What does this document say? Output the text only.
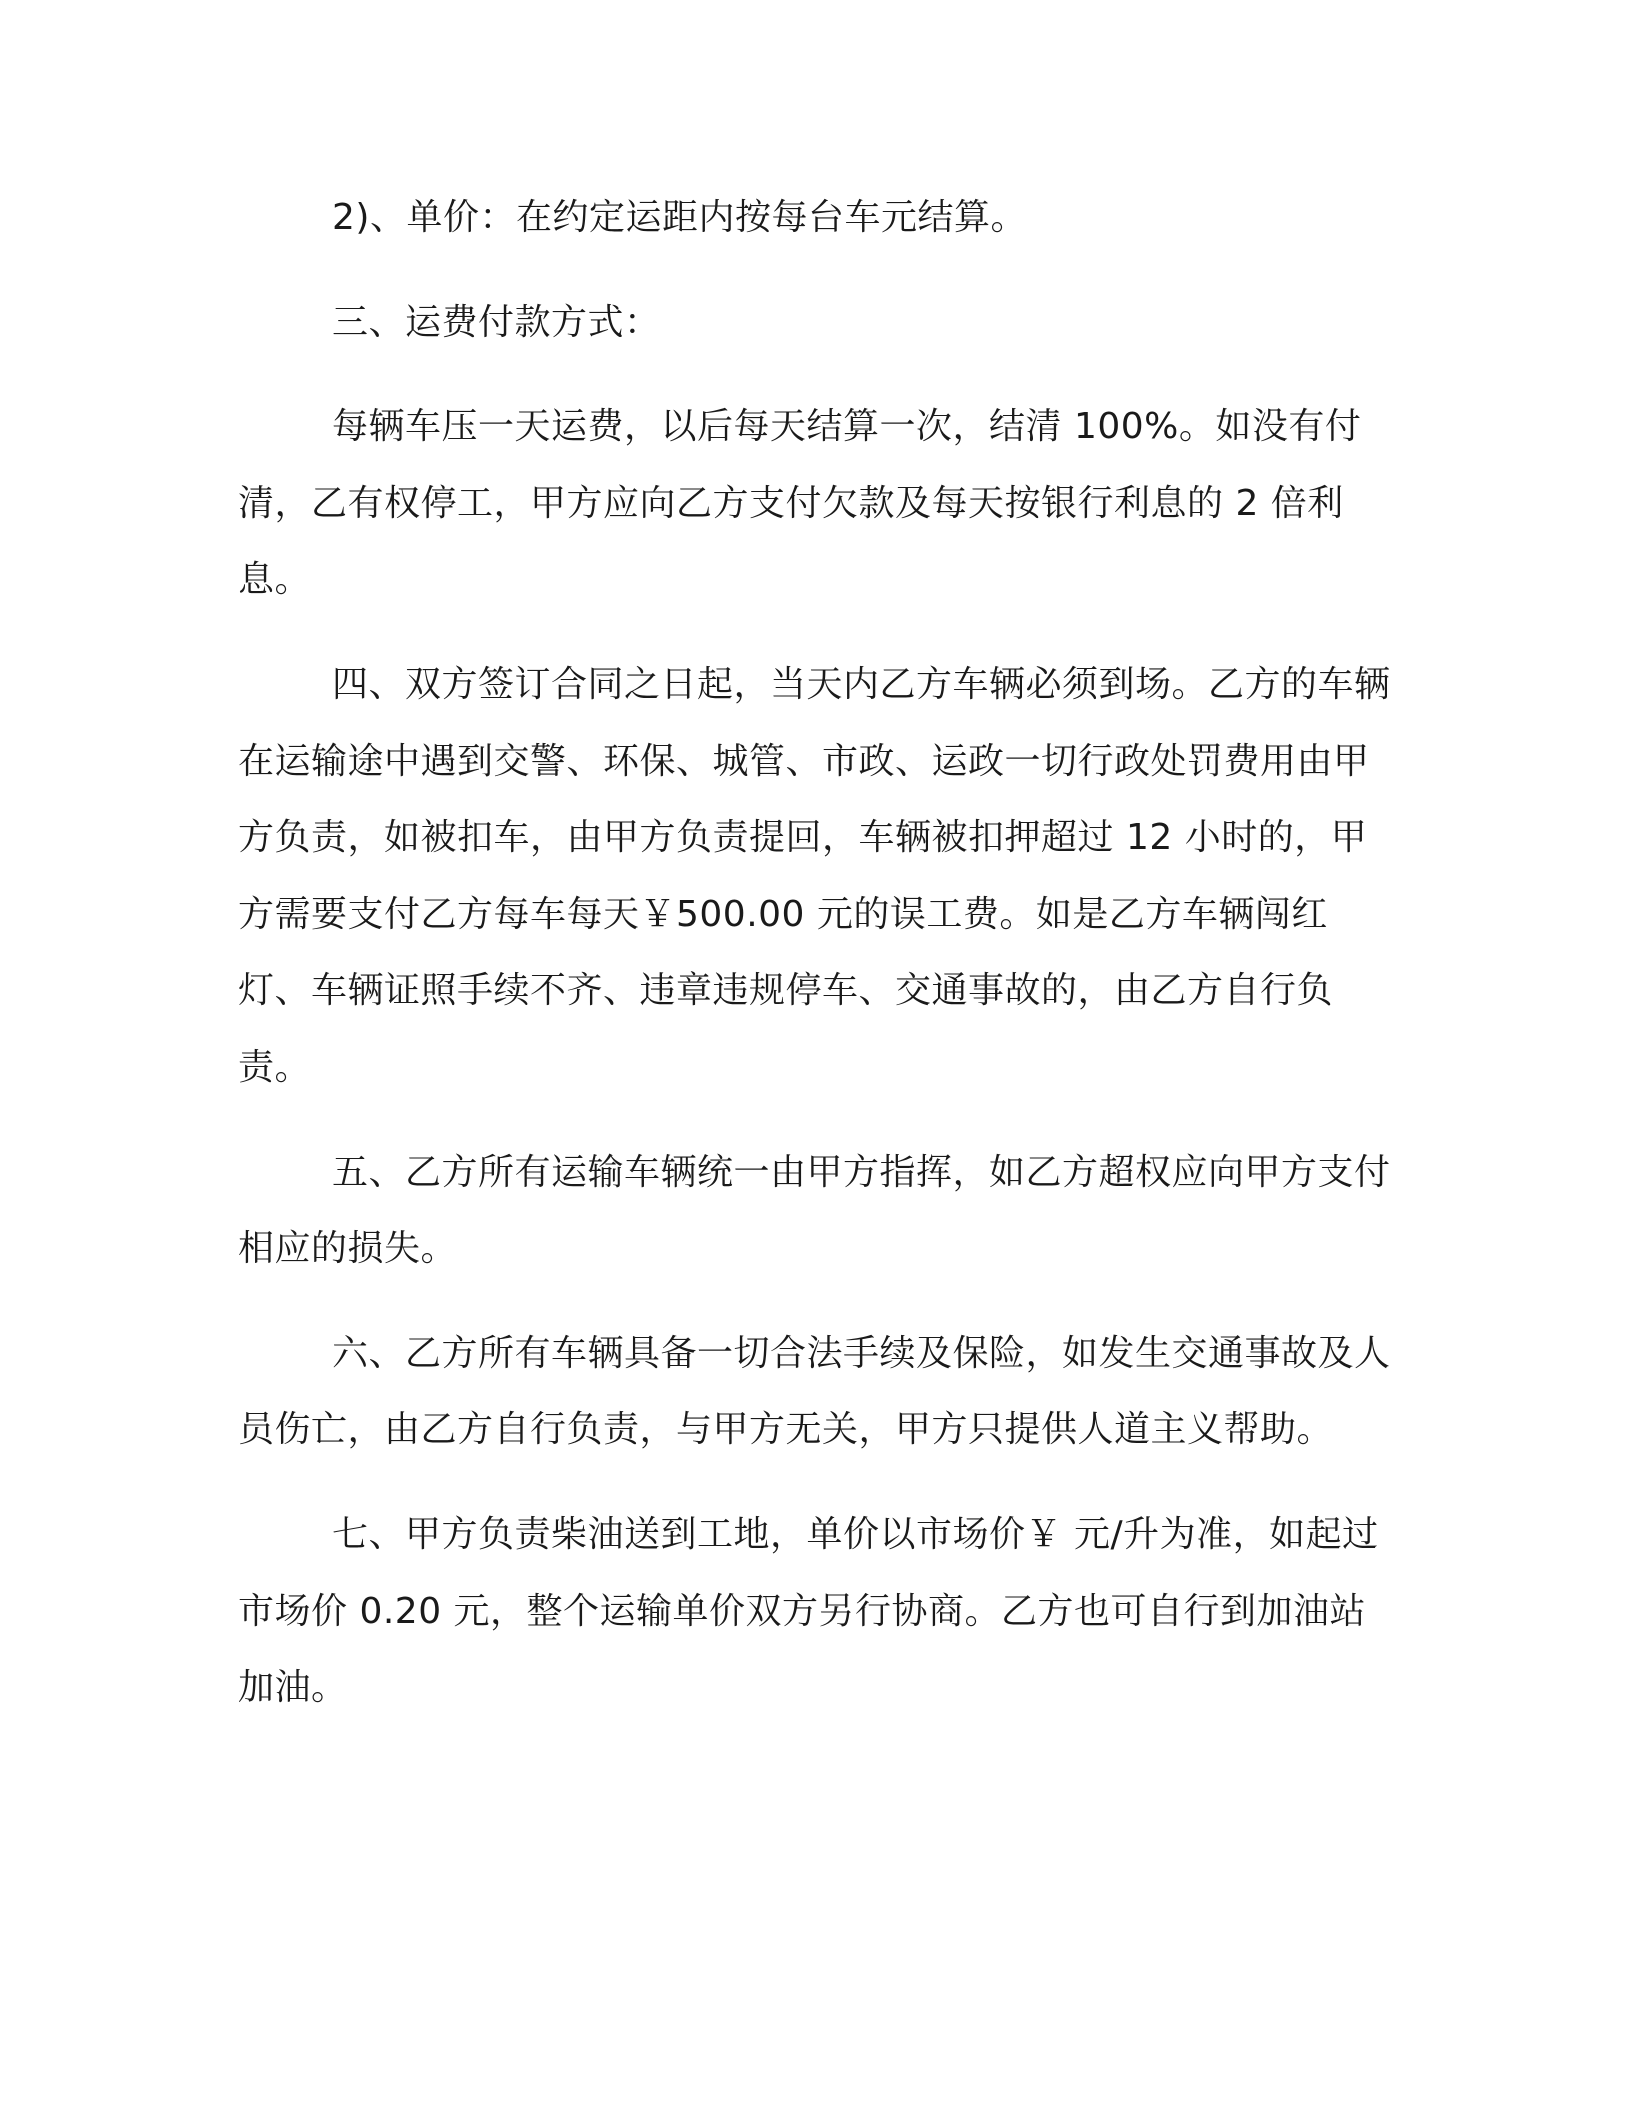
2)、单价：在约定运距内按每台车元结算。

三、运费付款方式：

每辆车压一天运费，以后每天结算一次，结清 100%。如没有付清，乙有权停工，甲方应向乙方支付欠款及每天按银行利息的 2 倍利息。

四、双方签订合同之日起，当天内乙方车辆必须到场。乙方的车辆在运输途中遇到交警、环保、城管、市政、运政一切行政处罚费用由甲方负责，如被扣车，由甲方负责提回，车辆被扣押超过 12 小时的，甲方需要支付乙方每车每天￥500.00 元的误工费。如是乙方车辆闯红灯、车辆证照手续不齐、违章违规停车、交通事故的，由乙方自行负责。

五、乙方所有运输车辆统一由甲方指挥，如乙方超权应向甲方支付相应的损失。

六、乙方所有车辆具备一切合法手续及保险，如发生交通事故及人员伤亡，由乙方自行负责，与甲方无关，甲方只提供人道主义帮助。

七、甲方负责柴油送到工地，单价以市场价￥ 元/升为准，如起过市场价 0.20 元，整个运输单价双方另行协商。乙方也可自行到加油站加油。
